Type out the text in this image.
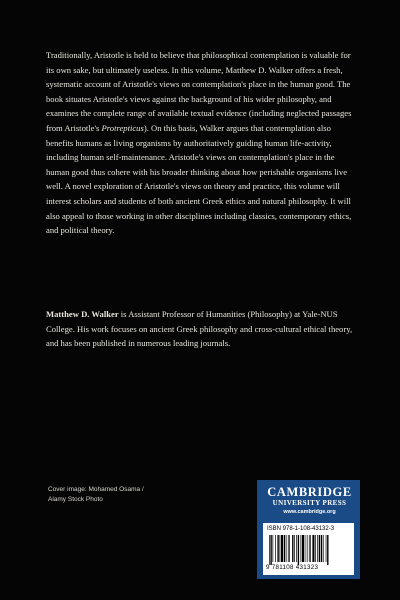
Traditionally, Aristotle is held to believe that philosophical contemplation is valuable for its own sake, but ultimately useless. In this volume, Matthew D. Walker offers a fresh, systematic account of Aristotle's views on contemplation's place in the human good. The book situates Aristotle's views against the background of his wider philosophy, and examines the complete range of available textual evidence (including neglected passages from Aristotle's Protrepticus). On this basis, Walker argues that contemplation also benefits humans as living organisms by authoritatively guiding human life-activity, including human self-maintenance. Aristotle's views on contemplation's place in the human good thus cohere with his broader thinking about how perishable organisms live well. A novel exploration of Aristotle's views on theory and practice, this volume will interest scholars and students of both ancient Greek ethics and natural philosophy. It will also appeal to those working in other disciplines including classics, contemporary ethics, and political theory.

Matthew D. Walker is Assistant Professor of Humanities (Philosophy) at Yale-NUS College. His work focuses on ancient Greek philosophy and cross-cultural ethical theory, and has been published in numerous leading journals.

Cover image: Mohamed Osama /
Alamy Stock Photo
CAMBRIDGE
UNIVERSITY PRESS
www.cambridge.org
ISBN 978-1-108-43132-3
9 781108 431323
